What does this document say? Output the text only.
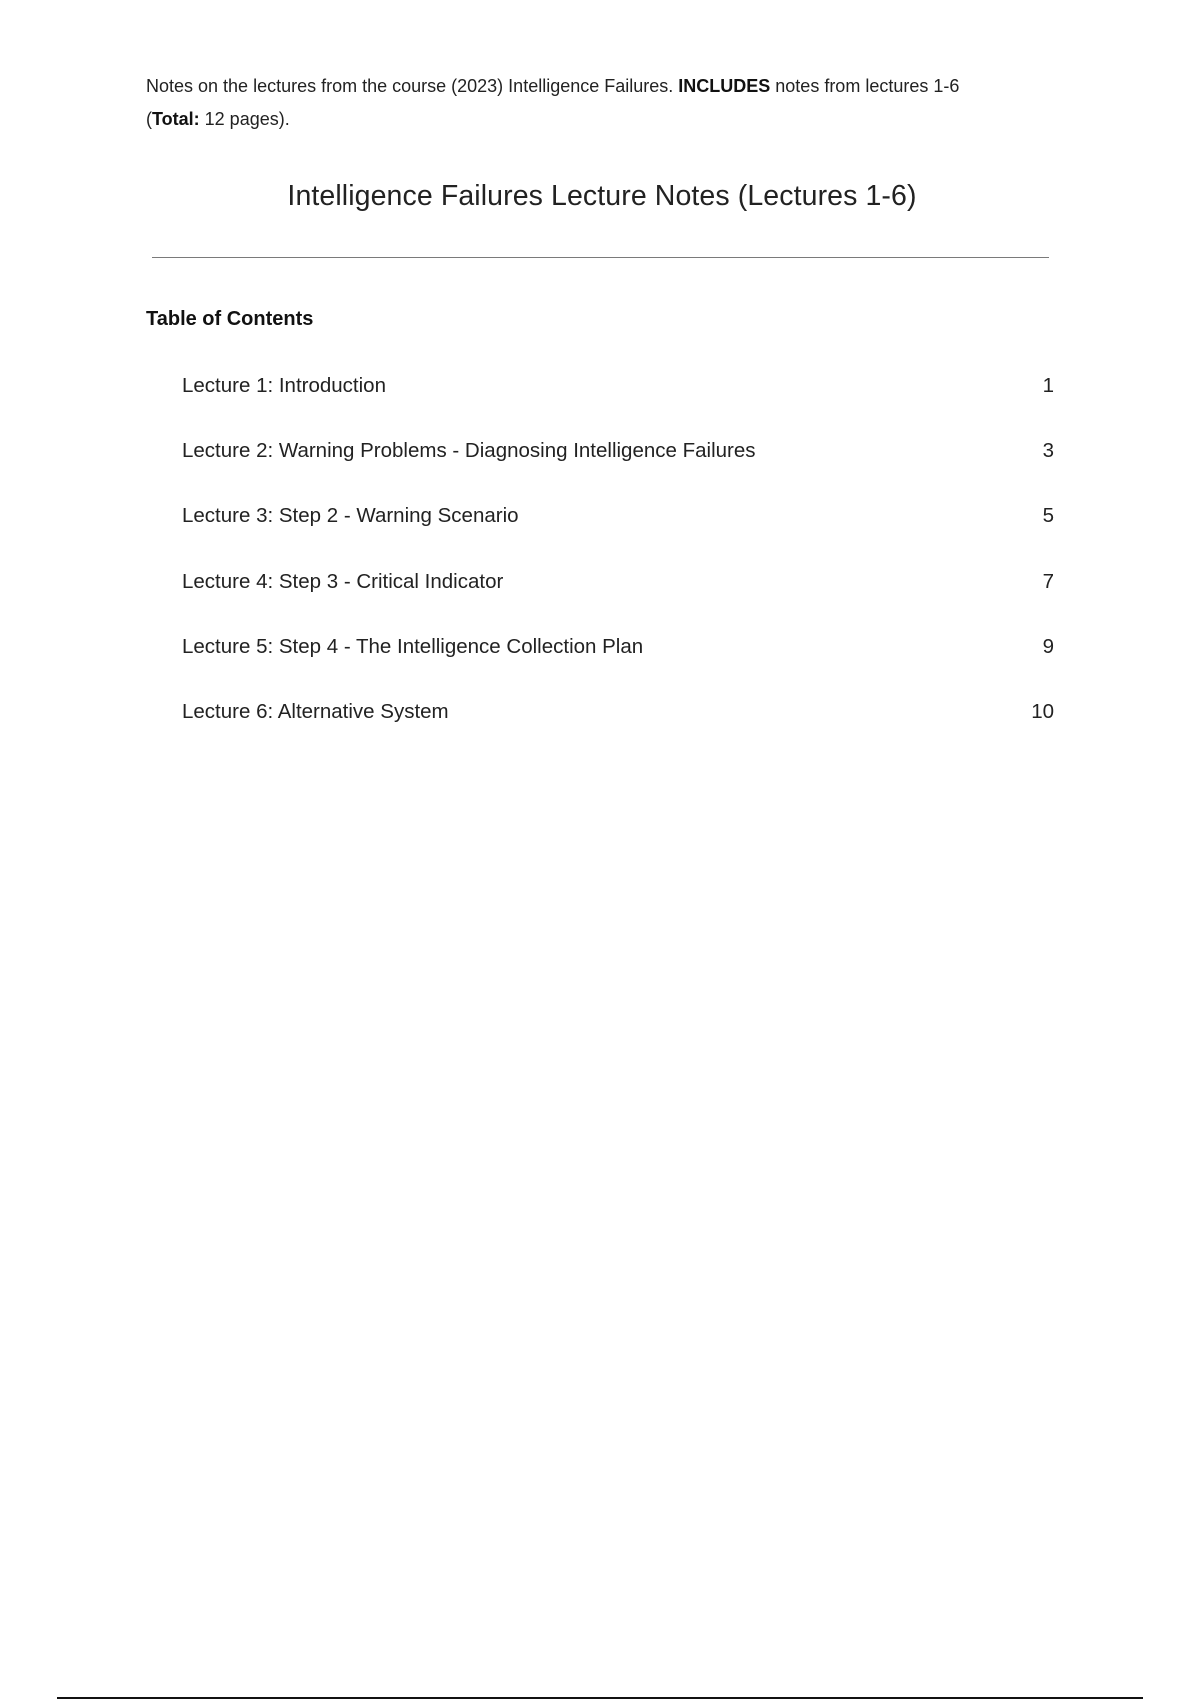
Notes on the lectures from the course (2023) Intelligence Failures. INCLUDES notes from lectures 1-6
(Total: 12 pages).
Intelligence Failures Lecture Notes (Lectures 1-6)
Table of Contents
Lecture 1: Introduction	1
Lecture 2: Warning Problems - Diagnosing Intelligence Failures	3
Lecture 3: Step 2 - Warning Scenario	5
Lecture 4: Step 3 - Critical Indicator	7
Lecture 5: Step 4 - The Intelligence Collection Plan	9
Lecture 6: Alternative System	10
